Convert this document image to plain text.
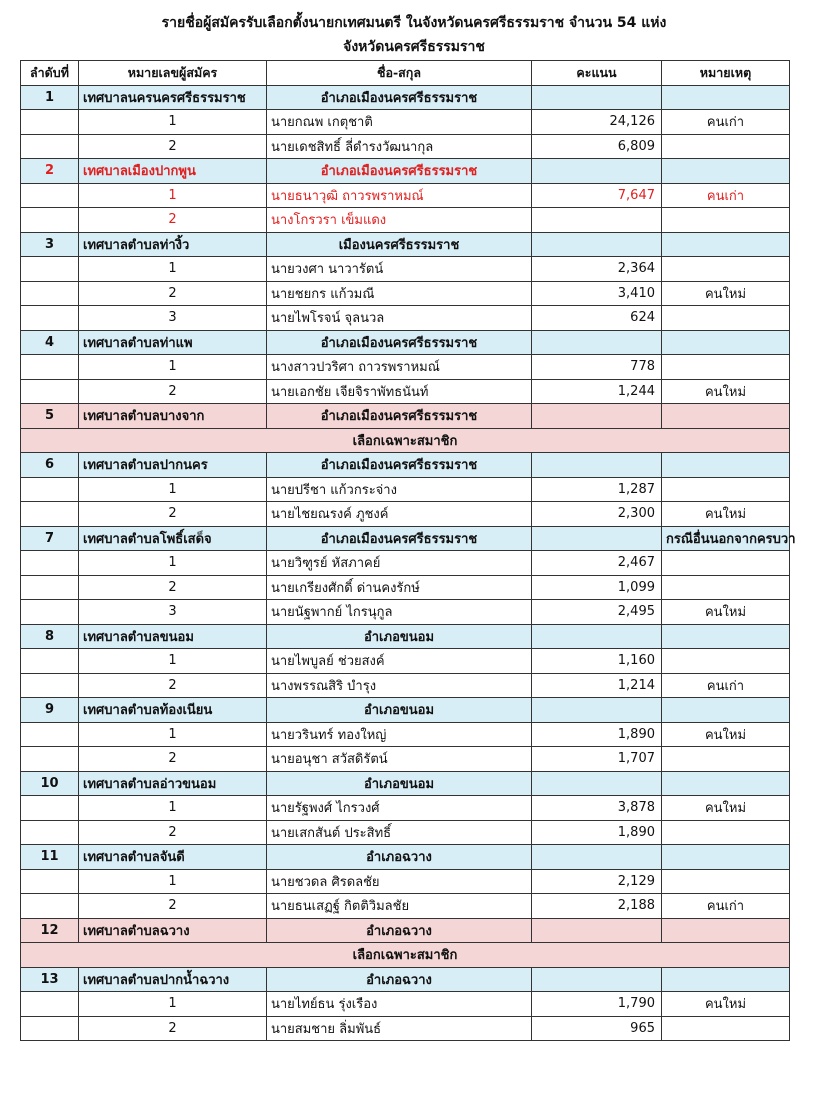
รายชื่อผู้สมัครรับเลือกตั้งนายกเทศมนตรี ในจังหวัดนครศรีธรรมราช จำนวน 54 แห่ง
จังหวัดนครศรีธรรมราช
ลำดับที่	หมายเลขผู้สมัคร	ชื่อ-สกุล	คะแนน	หมายเหตุ
1	เทศบาลนครนครศรีธรรมราช	อำเภอเมืองนครศรีธรรมราช		
	1	นายกณพ เกตุชาติ	24,126	คนเก่า
	2	นายเดชสิทธิ์ ลี่ดำรงวัฒนากุล	6,809	
2	เทศบาลเมืองปากพูน	อำเภอเมืองนครศรีธรรมราช		
	1	นายธนาวุฒิ ถาวรพราหมณ์	7,647	คนเก่า
	2	นางโกรวรา เข็มแดง		
3	เทศบาลตำบลท่างิ้ว	เมืองนครศรีธรรมราช		
	1	นายวงศา นาวารัตน์	2,364	
	2	นายชยกร แก้วมณี	3,410	คนใหม่
	3	นายไพโรจน์ จุลนวล	624	
4	เทศบาลตำบลท่าแพ	อำเภอเมืองนครศรีธรรมราช		
	1	นางสาวปวริศา ถาวรพราหมณ์	778	
	2	นายเอกชัย เจียจิราพัทธนันท์	1,244	คนใหม่
5	เทศบาลตำบลบางจาก	อำเภอเมืองนครศรีธรรมราช		
เลือกเฉพาะสมาชิก				
6	เทศบาลตำบลปากนคร	อำเภอเมืองนครศรีธรรมราช		
	1	นายปรีชา แก้วกระจ่าง	1,287	
	2	นายไชยณรงค์ ภูชงค์	2,300	คนใหม่
7	เทศบาลตำบลโพธิ์เสด็จ	อำเภอเมืองนครศรีธรรมราช		กรณีอื่นนอกจากครบวา
	1	นายวิฑูรย์ หัสภาคย์	2,467	
	2	นายเกรียงศักดิ์ ด่านคงรักษ์	1,099	
	3	นายนัฐพากย์ ไกรนุกูล	2,495	คนใหม่
8	เทศบาลตำบลขนอม	อำเภอขนอม		
	1	นายไพบูลย์ ช่วยสงค์	1,160	
	2	นางพรรณสิริ บำรุง	1,214	คนเก่า
9	เทศบาลตำบลท้องเนียน	อำเภอขนอม		
	1	นายวรินทร์ ทองใหญ่	1,890	คนใหม่
	2	นายอนุชา สวัสดิรัตน์	1,707	
10	เทศบาลตำบลอ่าวขนอม	อำเภอขนอม		
	1	นายรัฐพงศ์ ไกรวงศ์	3,878	คนใหม่
	2	นายเสกสันต์ ประสิทธิ์	1,890	
11	เทศบาลตำบลจันดี	อำเภอฉวาง		
	1	นายชวดล ศิรดลชัย	2,129	
	2	นายธนเสฏฐ์ กิตติวิมลชัย	2,188	คนเก่า
12	เทศบาลตำบลฉวาง	อำเภอฉวาง		
เลือกเฉพาะสมาชิก				
13	เทศบาลตำบลปากน้ำฉวาง	อำเภอฉวาง		
	1	นายไทย์ธน รุ่งเรือง	1,790	คนใหม่
	2	นายสมชาย ลิ่มพันธ์	965	
